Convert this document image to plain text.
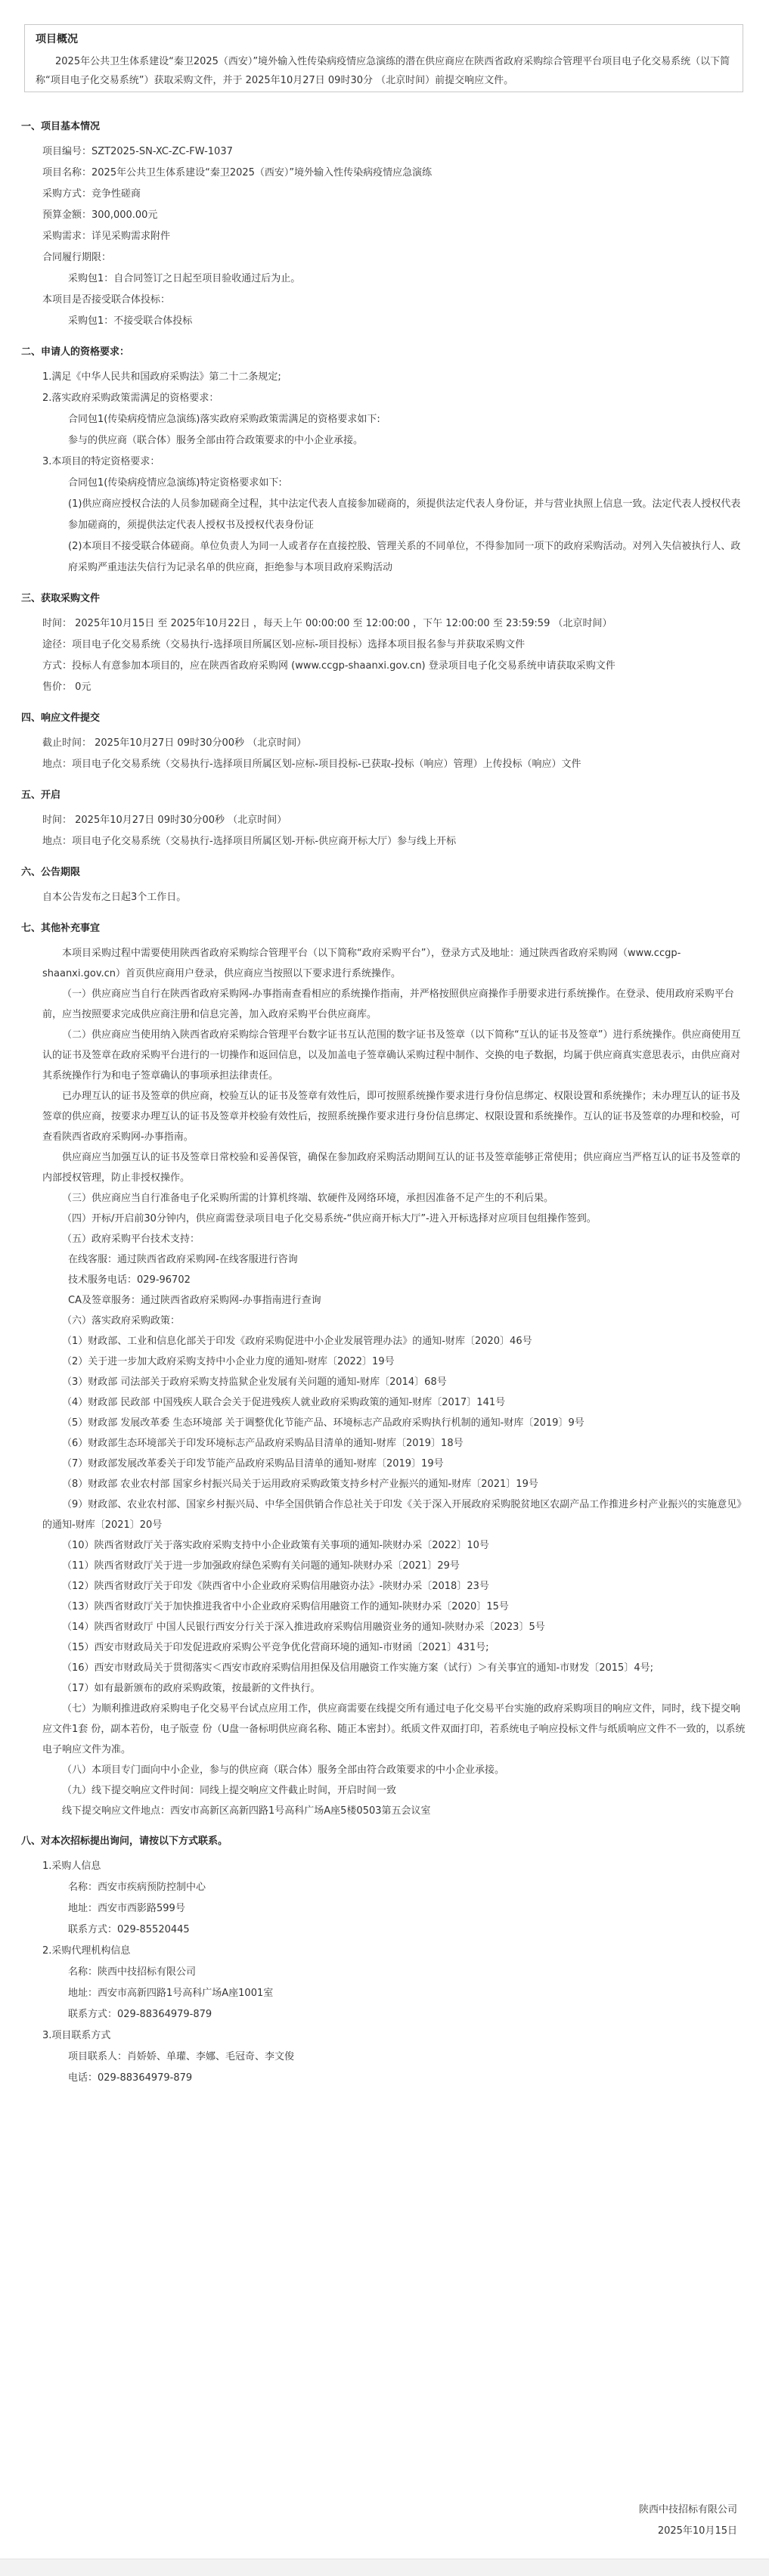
项目概况

2025年公共卫生体系建设“秦卫2025（西安）”境外输入性传染病疫情应急演练的潜在供应商应在陕西省政府采购综合管理平台项目电子化交易系统（以下简称“项目电子化交易系统”）获取采购文件，并于 2025年10月27日 09时30分 （北京时间）前提交响应文件。

一、项目基本情况

项目编号：SZT2025-SN-XC-ZC-FW-1037

项目名称：2025年公共卫生体系建设“秦卫2025（西安）”境外输入性传染病疫情应急演练

采购方式：竞争性磋商

预算金额：300,000.00元

采购需求：详见采购需求附件

合同履行期限：

采购包1：自合同签订之日起至项目验收通过后为止。

本项目是否接受联合体投标：

采购包1：不接受联合体投标

二、申请人的资格要求：

1.满足《中华人民共和国政府采购法》第二十二条规定;

2.落实政府采购政策需满足的资格要求：

合同包1(传染病疫情应急演练)落实政府采购政策需满足的资格要求如下:

参与的供应商（联合体）服务全部由符合政策要求的中小企业承接。

3.本项目的特定资格要求：

合同包1(传染病疫情应急演练)特定资格要求如下:

(1)供应商应授权合法的人员参加磋商全过程，其中法定代表人直接参加磋商的，须提供法定代表人身份证，并与营业执照上信息一致。法定代表人授权代表参加磋商的，须提供法定代表人授权书及授权代表身份证

(2)本项目不接受联合体磋商。单位负责人为同一人或者存在直接控股、管理关系的不同单位，不得参加同一项下的政府采购活动。对列入失信被执行人、政府采购严重违法失信行为记录名单的供应商，拒绝参与本项目政府采购活动

三、获取采购文件

时间： 2025年10月15日 至 2025年10月22日 ，每天上午 00:00:00 至 12:00:00 ，下午 12:00:00 至 23:59:59 （北京时间）

途径：项目电子化交易系统（交易执行-选择项目所属区划-应标-项目投标）选择本项目报名参与并获取采购文件

方式：投标人有意参加本项目的，应在陕西省政府采购网 (www.ccgp-shaanxi.gov.cn) 登录项目电子化交易系统申请获取采购文件

售价： 0元

四、响应文件提交

截止时间： 2025年10月27日 09时30分00秒 （北京时间）

地点：项目电子化交易系统（交易执行-选择项目所属区划-应标-项目投标-已获取-投标（响应）管理）上传投标（响应）文件

五、开启

时间： 2025年10月27日 09时30分00秒 （北京时间）

地点：项目电子化交易系统（交易执行-选择项目所属区划-开标-供应商开标大厅）参与线上开标

六、公告期限

自本公告发布之日起3个工作日。

七、其他补充事宜

本项目采购过程中需要使用陕西省政府采购综合管理平台（以下简称“政府采购平台”），登录方式及地址：通过陕西省政府采购网（www.ccgp-shaanxi.gov.cn）首页供应商用户登录，供应商应当按照以下要求进行系统操作。

（一）供应商应当自行在陕西省政府采购网-办事指南查看相应的系统操作指南，并严格按照供应商操作手册要求进行系统操作。在登录、使用政府采购平台前，应当按照要求完成供应商注册和信息完善，加入政府采购平台供应商库。

（二）供应商应当使用纳入陕西省政府采购综合管理平台数字证书互认范围的数字证书及签章（以下简称“互认的证书及签章”）进行系统操作。供应商使用互认的证书及签章在政府采购平台进行的一切操作和返回信息，以及加盖电子签章确认采购过程中制作、交换的电子数据，均属于供应商真实意思表示，由供应商对其系统操作行为和电子签章确认的事项承担法律责任。

已办理互认的证书及签章的供应商，校验互认的证书及签章有效性后，即可按照系统操作要求进行身份信息绑定、权限设置和系统操作；未办理互认的证书及签章的供应商，按要求办理互认的证书及签章并校验有效性后，按照系统操作要求进行身份信息绑定、权限设置和系统操作。互认的证书及签章的办理和校验，可查看陕西省政府采购网-办事指南。

供应商应当加强互认的证书及签章日常校验和妥善保管，确保在参加政府采购活动期间互认的证书及签章能够正常使用；供应商应当严格互认的证书及签章的内部授权管理，防止非授权操作。

（三）供应商应当自行准备电子化采购所需的计算机终端、软硬件及网络环境，承担因准备不足产生的不利后果。

（四）开标/开启前30分钟内，供应商需登录项目电子化交易系统-“供应商开标大厅”-进入开标选择对应项目包组操作签到。

（五）政府采购平台技术支持：

在线客服：通过陕西省政府采购网-在线客服进行咨询

技术服务电话：029-96702

CA及签章服务：通过陕西省政府采购网-办事指南进行查询

（六）落实政府采购政策：

（1）财政部、工业和信息化部关于印发《政府采购促进中小企业发展管理办法》的通知-财库〔2020〕46号

（2）关于进一步加大政府采购支持中小企业力度的通知-财库〔2022〕19号

（3）财政部 司法部关于政府采购支持监狱企业发展有关问题的通知-财库〔2014〕68号

（4）财政部 民政部 中国残疾人联合会关于促进残疾人就业政府采购政策的通知-财库〔2017〕141号

（5）财政部 发展改革委 生态环境部 关于调整优化节能产品、环境标志产品政府采购执行机制的通知-财库〔2019〕9号

（6）财政部生态环境部关于印发环境标志产品政府采购品目清单的通知-财库〔2019〕18号

（7）财政部发展改革委关于印发节能产品政府采购品目清单的通知-财库〔2019〕19号

（8）财政部 农业农村部 国家乡村振兴局关于运用政府采购政策支持乡村产业振兴的通知-财库〔2021〕19号

（9）财政部、农业农村部、国家乡村振兴局、中华全国供销合作总社关于印发《关于深入开展政府采购脱贫地区农副产品工作推进乡村产业振兴的实施意见》的通知-财库〔2021〕20号

（10）陕西省财政厅关于落实政府采购支持中小企业政策有关事项的通知-陕财办采〔2022〕10号

（11）陕西省财政厅关于进一步加强政府绿色采购有关问题的通知-陕财办采〔2021〕29号

（12）陕西省财政厅关于印发《陕西省中小企业政府采购信用融资办法》-陕财办采〔2018〕23号

（13）陕西省财政厅关于加快推进我省中小企业政府采购信用融资工作的通知-陕财办采〔2020〕15号

（14）陕西省财政厅 中国人民银行西安分行关于深入推进政府采购信用融资业务的通知-陕财办采〔2023〕5号

（15）西安市财政局关于印发促进政府采购公平竞争优化营商环境的通知-市财函〔2021〕431号;

（16）西安市财政局关于贯彻落实＜西安市政府采购信用担保及信用融资工作实施方案（试行）＞有关事宜的通知-市财发〔2015〕4号;

（17）如有最新颁布的政府采购政策，按最新的文件执行。

（七）为顺利推进政府采购电子化交易平台试点应用工作，供应商需要在线提交所有通过电子化交易平台实施的政府采购项目的响应文件，同时，线下提交响应文件1套 份，副本若份，电子版壹 份（U盘一备标明供应商名称、随正本密封）。纸质文件双面打印，若系统电子响应投标文件与纸质响应文件不一致的，以系统电子响应文件为准。

（八）本项目专门面向中小企业，参与的供应商（联合体）服务全部由符合政策要求的中小企业承接。

（九）线下提交响应文件时间：同线上提交响应文件截止时间，开启时间一致

线下提交响应文件地点：西安市高新区高新四路1号高科广场A座5楼0503第五会议室

八、对本次招标提出询问，请按以下方式联系。

1.采购人信息

名称：西安市疾病预防控制中心

地址：西安市西影路599号

联系方式：029-85520445

2.采购代理机构信息

名称：陕西中技招标有限公司

地址：西安市高新四路1号高科广场A座1001室

联系方式：029-88364979-879

3.项目联系方式

项目联系人：肖娇娇、单瓘、李娜、毛冠奇、李文俊

电话：029-88364979-879

陕西中技招标有限公司
2025年10月15日
